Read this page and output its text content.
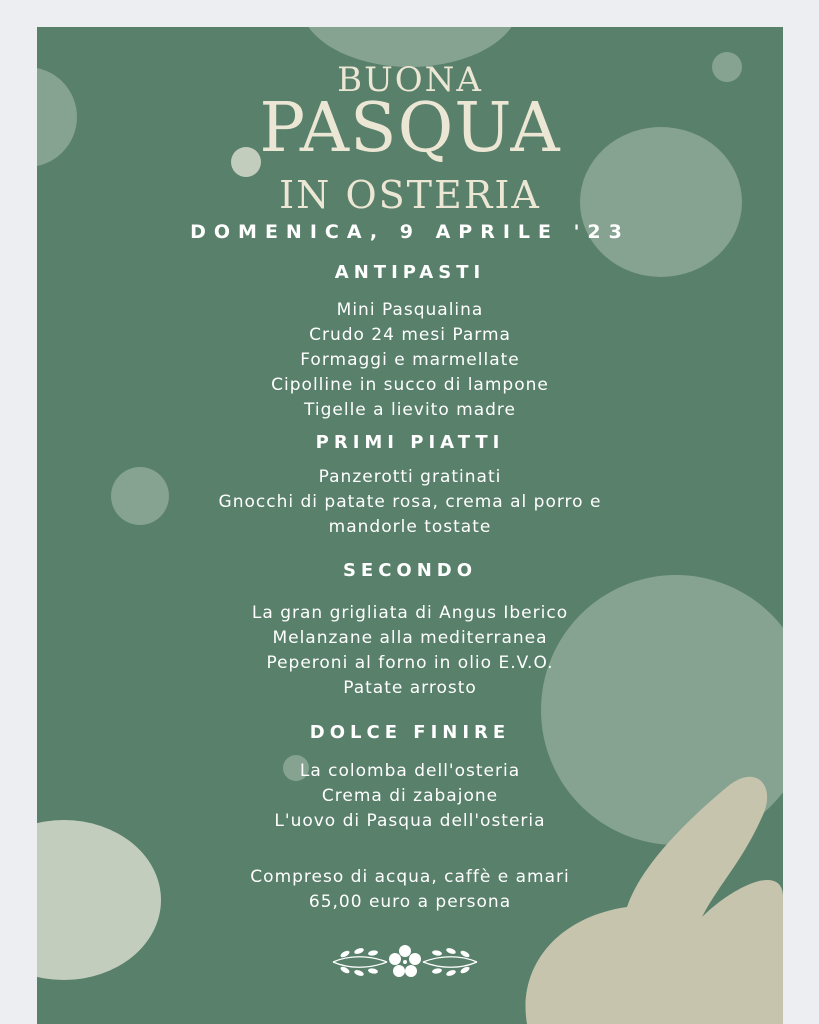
BUONA
PASQUA
IN OSTERIA
DOMENICA, 9 APRILE '23
ANTIPASTI
Mini Pasqualina
Crudo 24 mesi Parma
Formaggi e marmellate
Cipolline in succo di lampone
Tigelle a lievito madre
PRIMI PIATTI
Panzerotti gratinati
Gnocchi di patate rosa, crema al porro e
mandorle tostate
SECONDO
La gran grigliata di Angus Iberico
Melanzane alla mediterranea
Peperoni al forno in olio E.V.O.
Patate arrosto
DOLCE FINIRE
La colomba dell'osteria
Crema di zabajone
L'uovo di Pasqua dell'osteria
Compreso di acqua, caffè e amari
65,00 euro a persona
